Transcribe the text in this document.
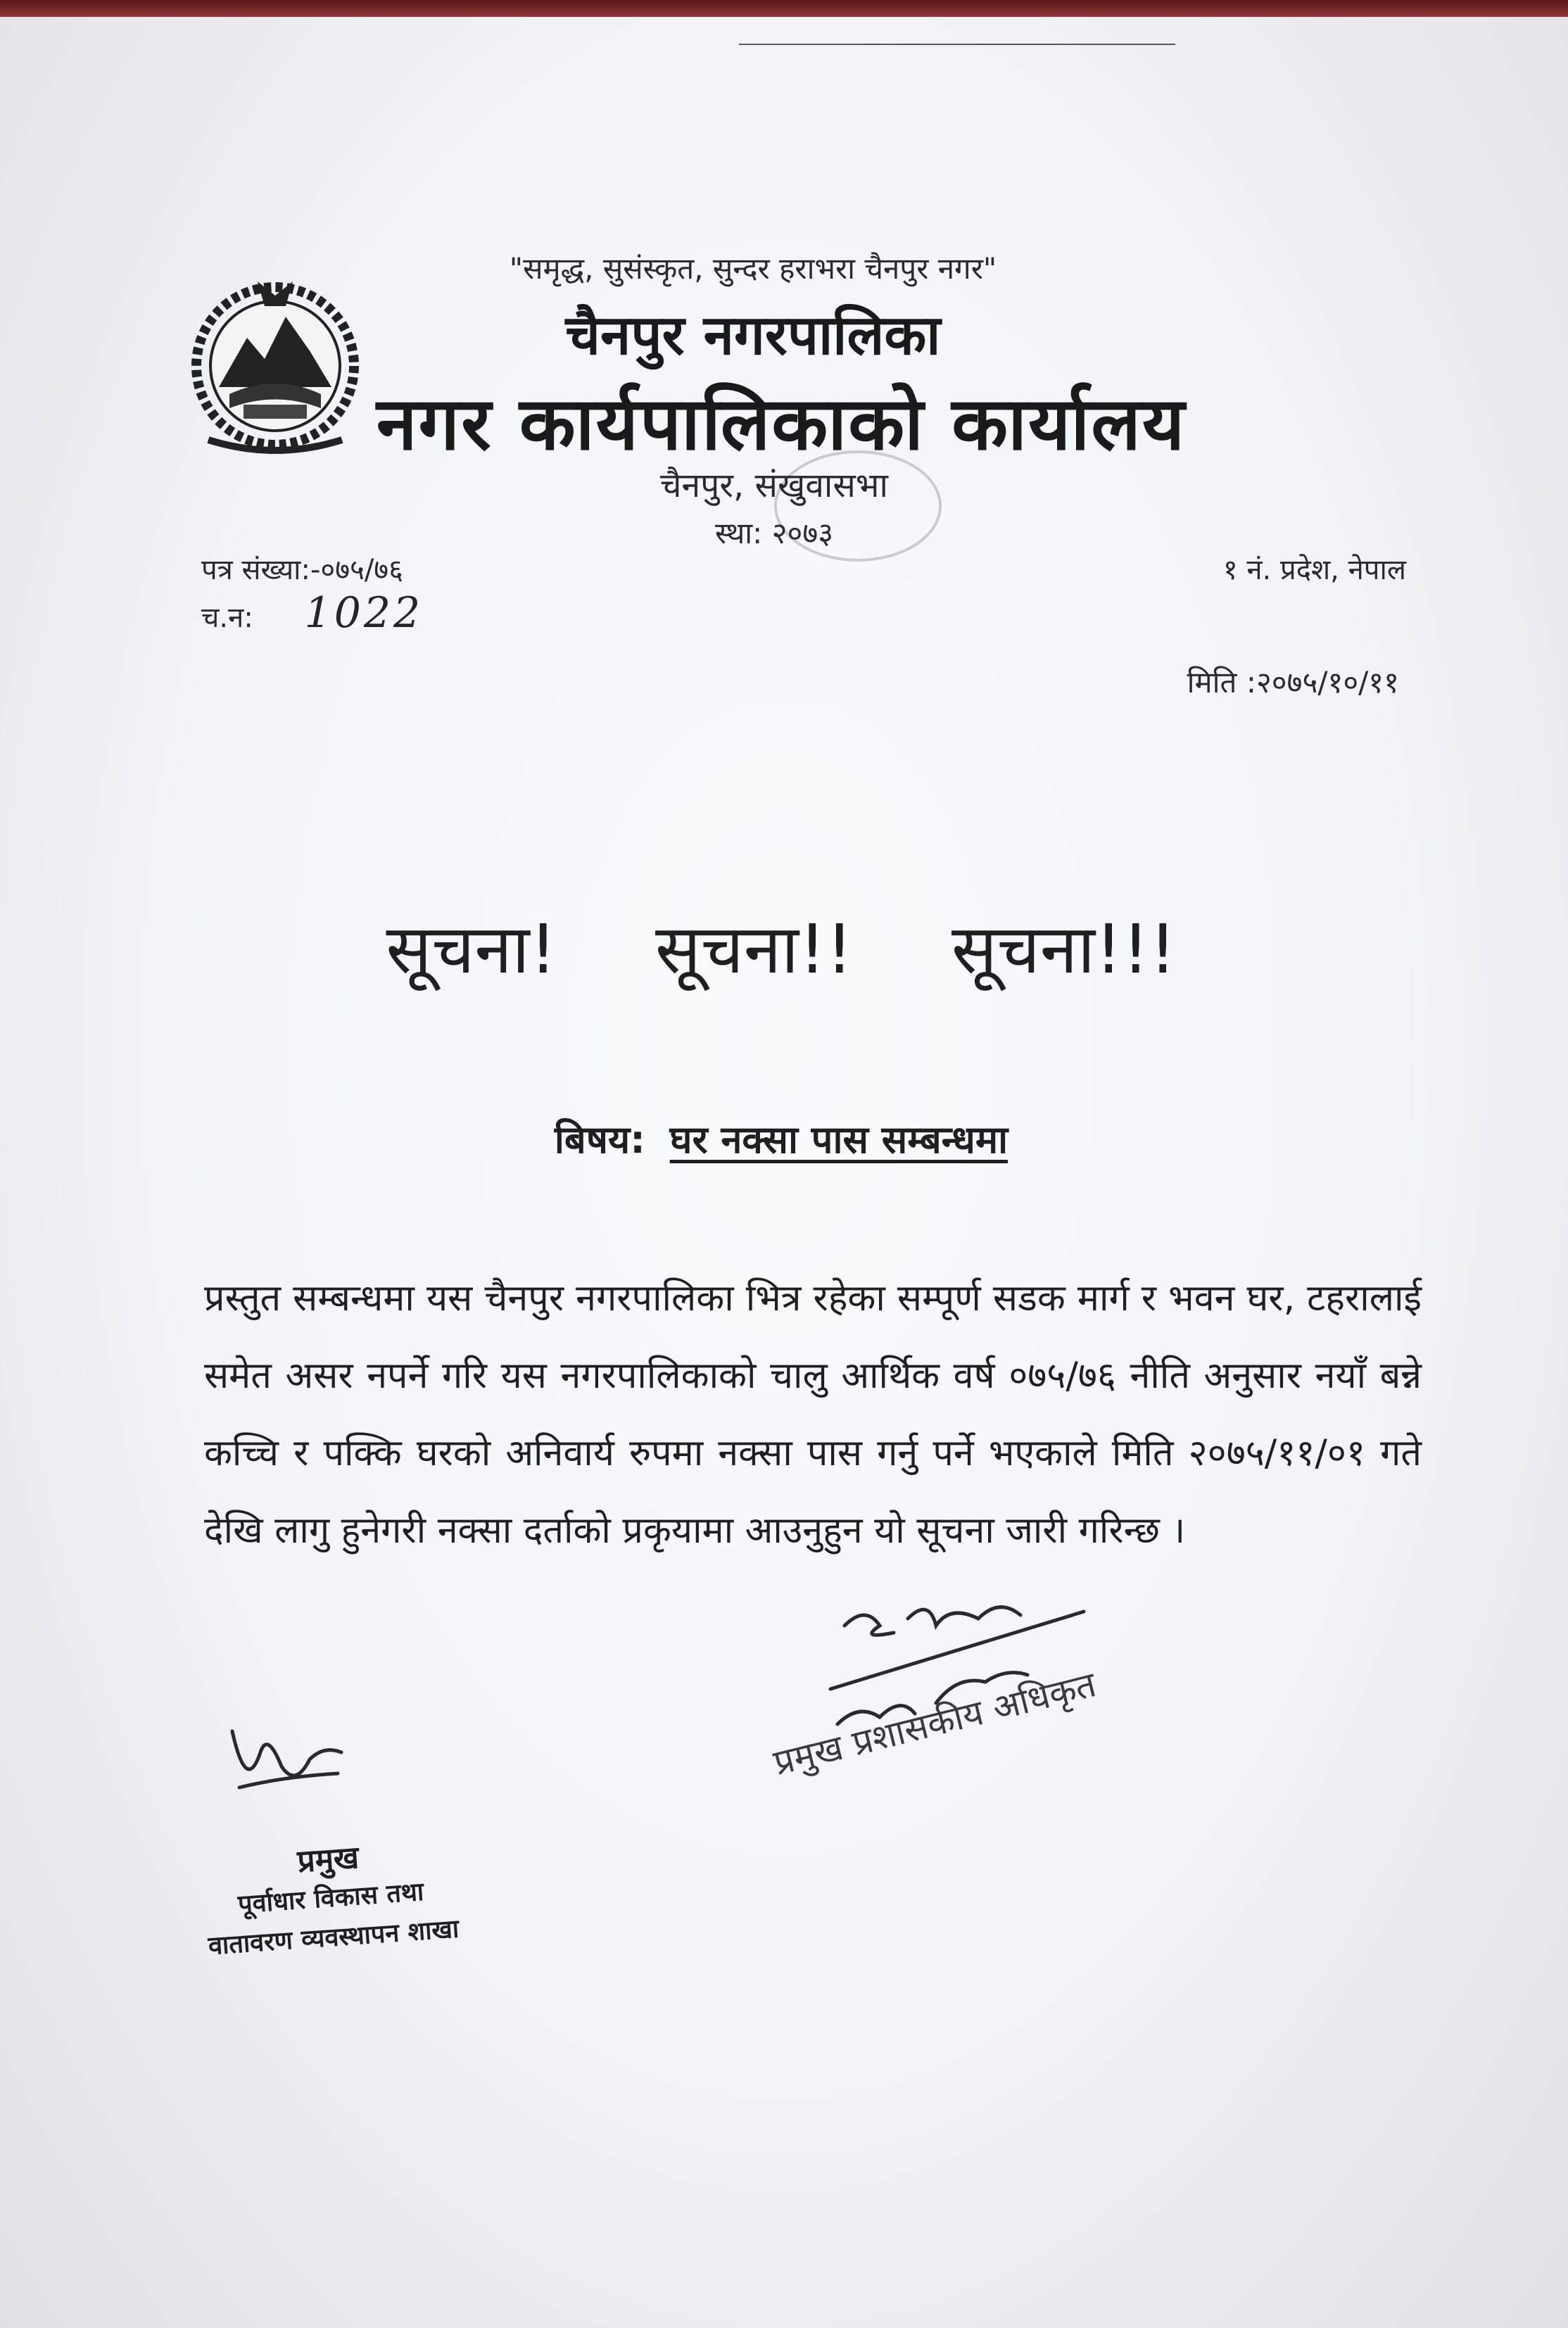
"समृद्ध, सुसंस्कृत, सुन्दर हराभरा चैनपुर नगर"
चैनपुर नगरपालिका
नगर कार्यपालिकाको कार्यालय
चैनपुर, संखुवासभा
स्था: २०७३
पत्र संख्या:-०७५/७६
च.न: 1022
१ नं. प्रदेश, नेपाल
मिति :२०७५/१०/११
सूचना! सूचना!! सूचना!!!
बिषय: घर नक्सा पास सम्बन्धमा
प्रस्तुत सम्बन्धमा यस चैनपुर नगरपालिका भित्र रहेका सम्पूर्ण सडक मार्ग र भवन घर, टहरालाई समेत असर नपर्ने गरि यस नगरपालिकाको चालु आर्थिक वर्ष ०७५/७६ नीति अनुसार नयाँ बन्ने कच्चि र पक्कि घरको अनिवार्य रुपमा नक्सा पास गर्नु पर्ने भएकाले मिति २०७५/११/०१ गते देखि लागु हुनेगरी नक्सा दर्ताको प्रकृयामा आउनुहुन यो सूचना जारी गरिन्छ ।
प्रमुख प्रशासकीय अधिकृत
प्रमुख
पूर्वाधार विकास तथा
वातावरण व्यवस्थापन शाखा
